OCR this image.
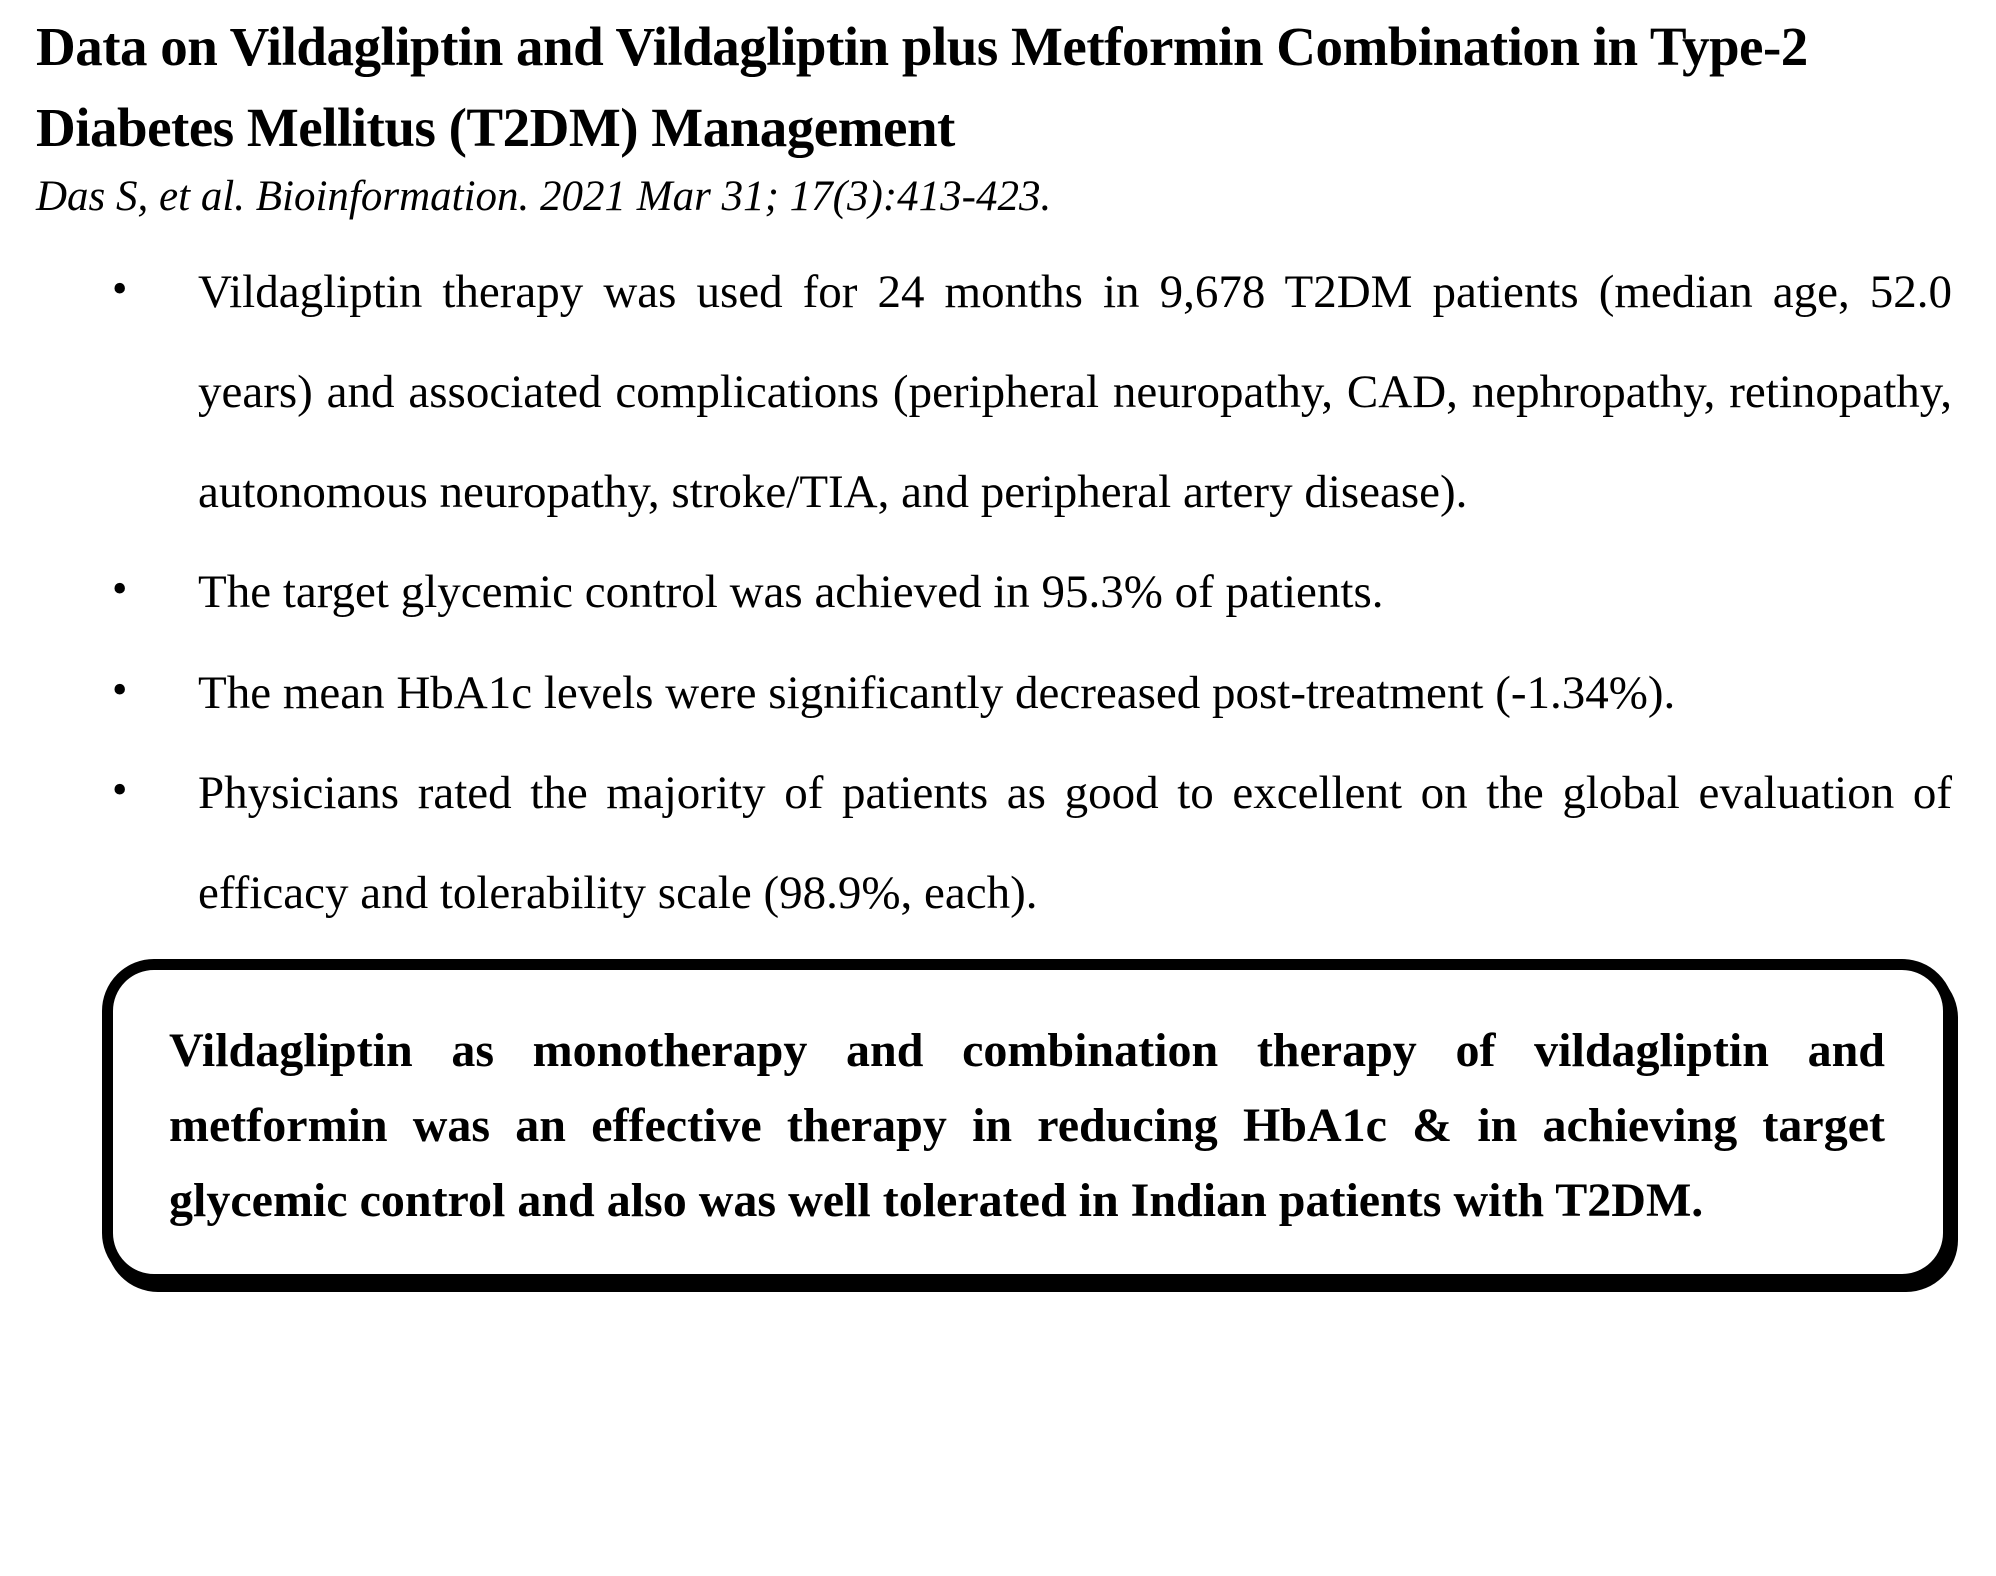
Data on Vildagliptin and Vildagliptin plus Metformin Combination in Type-2 Diabetes Mellitus (T2DM) Management
Das S, et al. Bioinformation. 2021 Mar 31; 17(3):413-423.
• Vildagliptin therapy was used for 24 months in 9,678 T2DM patients (median age, 52.0 years) and associated complications (peripheral neuropathy, CAD, nephropathy, retinopathy, autonomous neuropathy, stroke/TIA, and peripheral artery disease).
• The target glycemic control was achieved in 95.3% of patients.
• The mean HbA1c levels were significantly decreased post-treatment (-1.34%).
• Physicians rated the majority of patients as good to excellent on the global evaluation of efficacy and tolerability scale (98.9%, each).

Vildagliptin as monotherapy and combination therapy of vildagliptin and metformin was an effective therapy in reducing HbA1c & in achieving target glycemic control and also was well tolerated in Indian patients with T2DM.
